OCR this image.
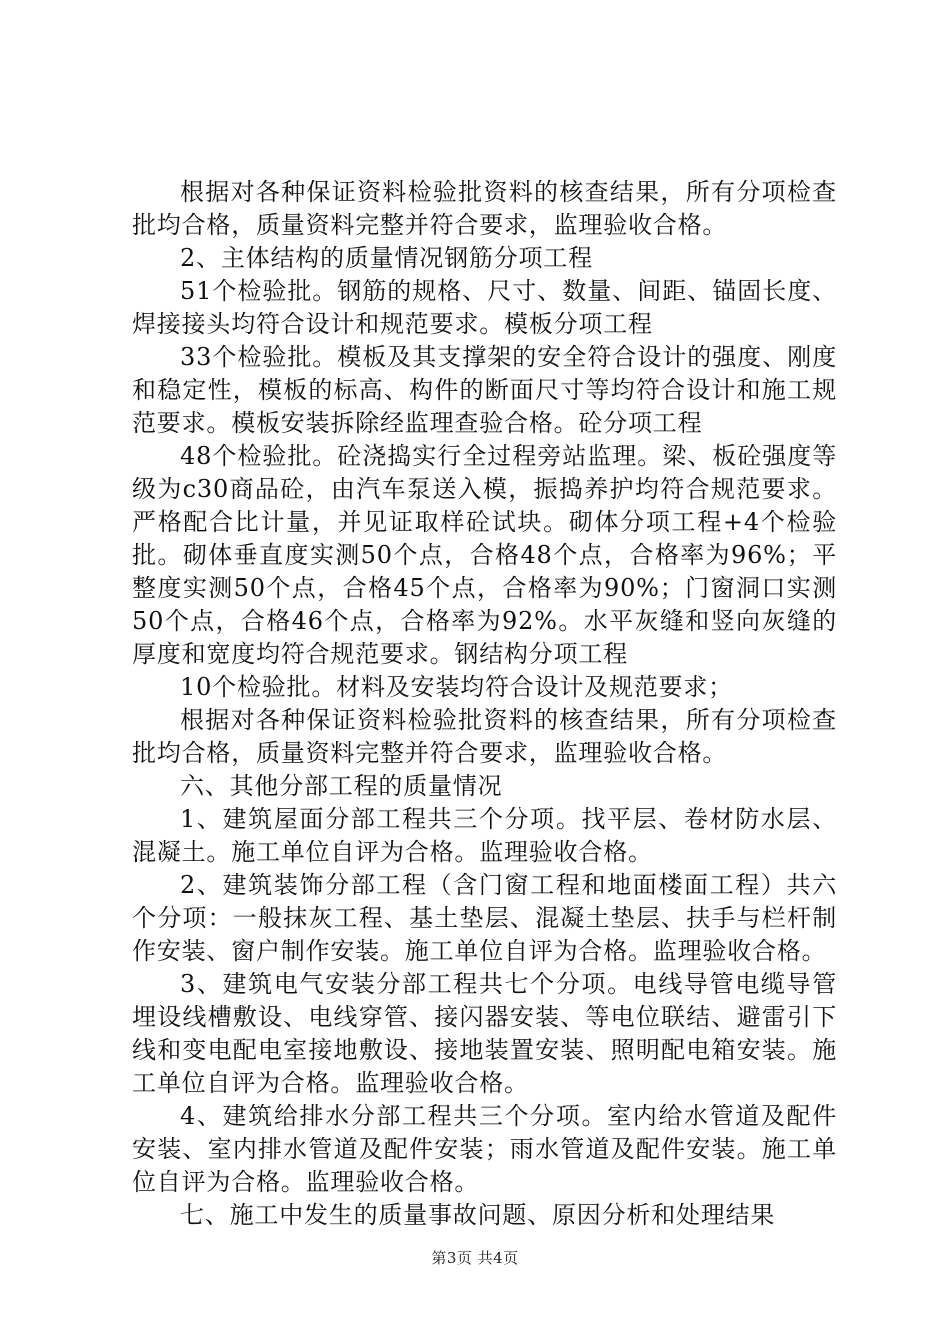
根据对各种保证资料检验批资料的核查结果，所有分项检查批均合格，质量资料完整并符合要求，监理验收合格。

2、主体结构的质量情况钢筋分项工程

51个检验批。钢筋的规格、尺寸、数量、间距、锚固长度、焊接接头均符合设计和规范要求。模板分项工程

33个检验批。模板及其支撑架的安全符合设计的强度、刚度和稳定性，模板的标高、构件的断面尺寸等均符合设计和施工规范要求。模板安装拆除经监理查验合格。砼分项工程

48个检验批。砼浇捣实行全过程旁站监理。梁、板砼强度等级为c30商品砼，由汽车泵送入模，振捣养护均符合规范要求。严格配合比计量，并见证取样砼试块。砌体分项工程+4个检验批。砌体垂直度实测50个点，合格48个点，合格率为96%；平整度实测50个点，合格45个点，合格率为90%；门窗洞口实测50个点，合格46个点，合格率为92%。水平灰缝和竖向灰缝的厚度和宽度均符合规范要求。钢结构分项工程

10个检验批。材料及安装均符合设计及规范要求；

根据对各种保证资料检验批资料的核查结果，所有分项检查批均合格，质量资料完整并符合要求，监理验收合格。

六、其他分部工程的质量情况

1、建筑屋面分部工程共三个分项。找平层、卷材防水层、混凝土。施工单位自评为合格。监理验收合格。

2、建筑装饰分部工程（含门窗工程和地面楼面工程）共六个分项：一般抹灰工程、基土垫层、混凝土垫层、扶手与栏杆制作安装、窗户制作安装。施工单位自评为合格。监理验收合格。

3、建筑电气安装分部工程共七个分项。电线导管电缆导管埋设线槽敷设、电线穿管、接闪器安装、等电位联结、避雷引下线和变电配电室接地敷设、接地装置安装、照明配电箱安装。施工单位自评为合格。监理验收合格。

4、建筑给排水分部工程共三个分项。室内给水管道及配件安装、室内排水管道及配件安装；雨水管道及配件安装。施工单位自评为合格。监理验收合格。

七、施工中发生的质量事故问题、原因分析和处理结果

第3页 共4页
